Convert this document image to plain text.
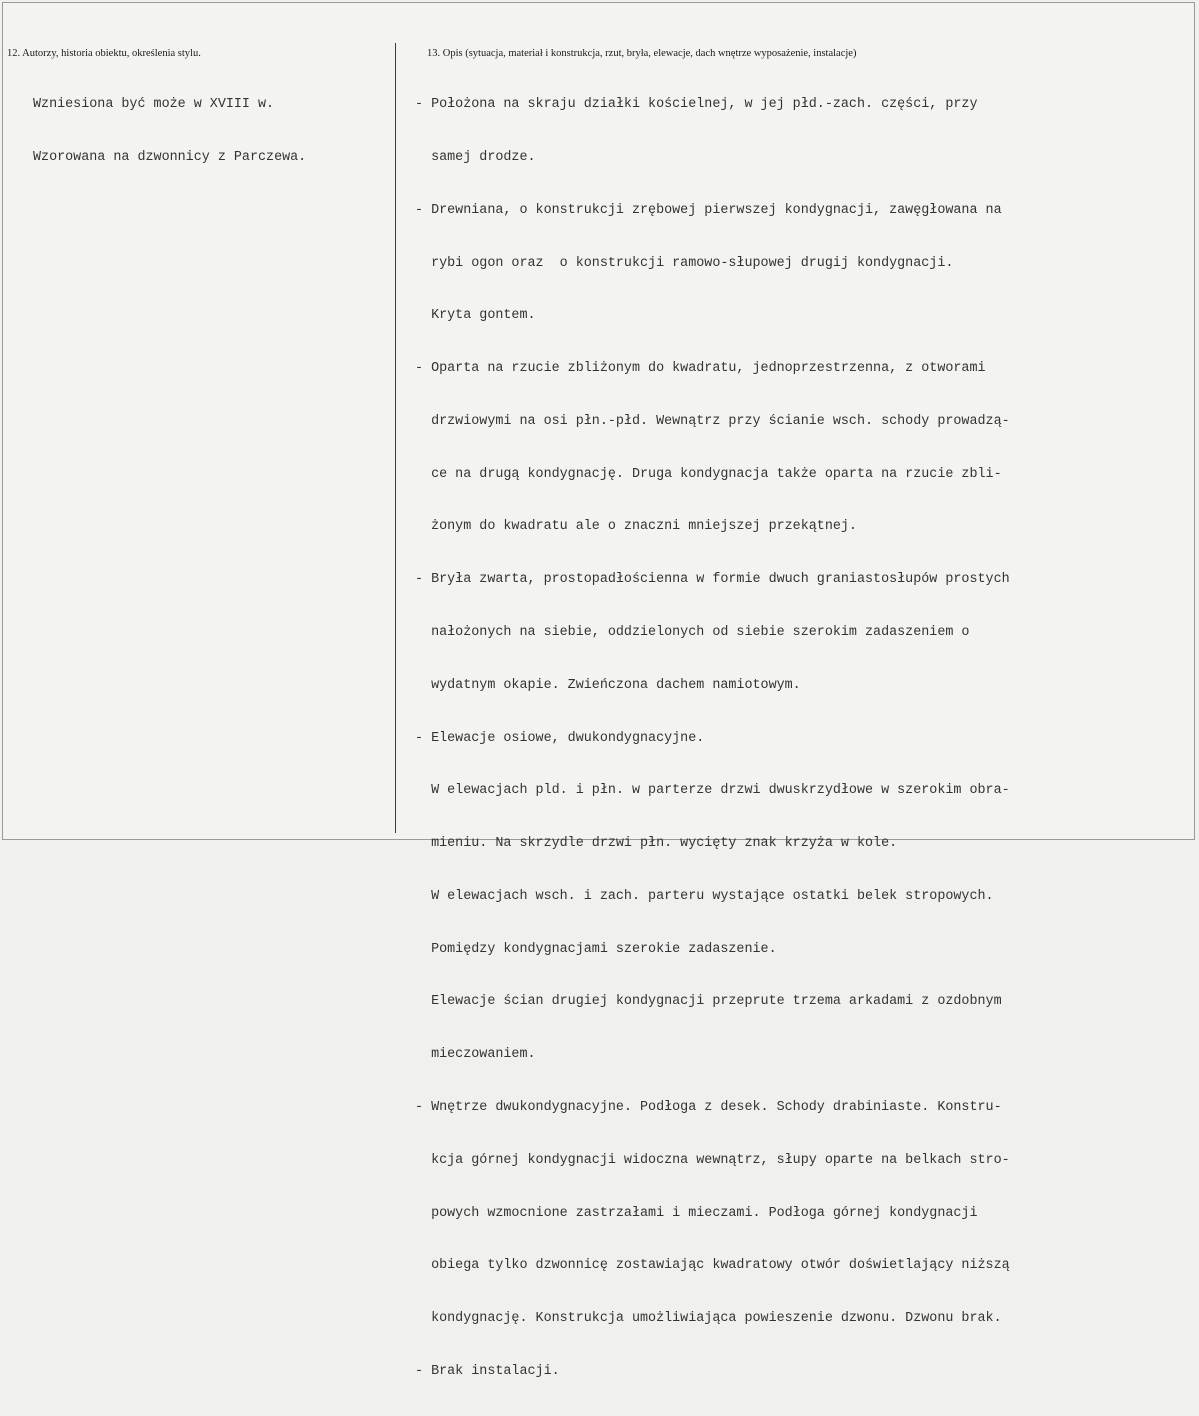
12. Autorzy, historia obiektu, określenia stylu.	13. Opis (sytuacja, materiał i konstrukcja, rzut, bryła, elewacje, dach wnętrze wyposażenie, instalacje)

Wzniesiona być może w XVIII w.

Wzorowana na dzwonnicy z Parczewa.

- Położona na skraju działki kościelnej, w jej płd.-zach. części, przy

samej drodze.

- Drewniana, o konstrukcji zrębowej pierwszej kondygnacji, zawęgłowana na

rybi ogon oraz  o konstrukcji ramowo-słupowej drugij kondygnacji.

Kryta gontem.

- Oparta na rzucie zbliżonym do kwadratu, jednoprzestrzenna, z otworami

drzwiowymi na osi płn.-płd. Wewnątrz przy ścianie wsch. schody prowadzą-

ce na drugą kondygnację. Druga kondygnacja także oparta na rzucie zbli-

żonym do kwadratu ale o znaczni mniejszej przekątnej.

- Bryła zwarta, prostopadłościenna w formie dwuch graniastosłupów prostych

nałożonych na siebie, oddzielonych od siebie szerokim zadaszeniem o

wydatnym okapie. Zwieńczona dachem namiotowym.

- Elewacje osiowe, dwukondygnacyjne.

W elewacjach pld. i płn. w parterze drzwi dwuskrzydłowe w szerokim obra-

mieniu. Na skrzydle drzwi płn. wycięty znak krzyża w kole.

W elewacjach wsch. i zach. parteru wystające ostatki belek stropowych.

Pomiędzy kondygnacjami szerokie zadaszenie.

Elewacje ścian drugiej kondygnacji przeprute trzema arkadami z ozdobnym

mieczowaniem.

- Wnętrze dwukondygnacyjne. Podłoga z desek. Schody drabiniaste. Konstru-

kcja górnej kondygnacji widoczna wewnątrz, słupy oparte na belkach stro-

powych wzmocnione zastrzałami i mieczami. Podłoga górnej kondygnacji

obiega tylko dzwonnicę zostawiając kwadratowy otwór doświetlający niższą

kondygnację. Konstrukcja umożliwiająca powieszenie dzwonu. Dzwonu brak.

- Brak instalacji.
